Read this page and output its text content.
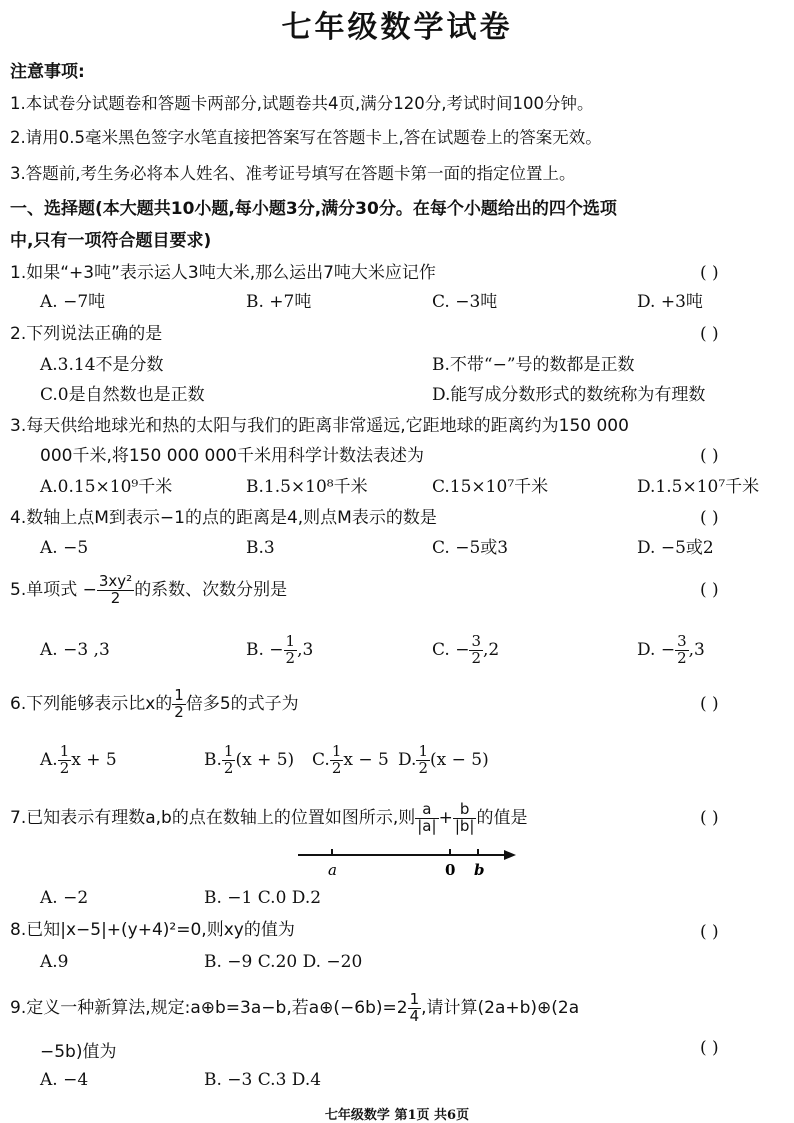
七年级数学试卷
注意事项:
1.本试卷分试题卷和答题卡两部分,试题卷共4页,满分120分,考试时间100分钟。
2.请用0.5毫米黑色签字水笔直接把答案写在答题卡上,答在试题卷上的答案无效。
3.答题前,考生务必将本人姓名、准考证号填写在答题卡第一面的指定位置上。
一、选择题(本大题共10小题,每小题3分,满分30分。在每个小题给出的四个选项
中,只有一项符合题目要求)
1.如果“+3吨”表示运人3吨大米,那么运出7吨大米应记作	( )
A. −7吨	B. +7吨	C. −3吨	D. +3吨
2.下列说法正确的是	( )
A.3.14不是分数	B.不带“−”号的数都是正数
C.0是自然数也是正数	D.能写成分数形式的数统称为有理数
3.每天供给地球光和热的太阳与我们的距离非常遥远,它距地球的距离约为150 000
000千米,将150 000 000千米用科学计数法表述为	( )
A.0.15×10⁹千米	B.1.5×10⁸千米	C.15×10⁷千米	D.1.5×10⁷千米
4.数轴上点M到表示−1的点的距离是4,则点M表示的数是	( )
A. −5	B.3	C. −5或3	D. −5或2
5.单项式 − $\frac{\text{3xy²}}{2}$ 的系数、次数分别是	( )
A. −3 ,3	B. − $\frac{1}{2} ,3$	C. − $\frac{3}{2} ,2$	D. − $\frac{3}{2} ,3$
6.下列能够表示比x的 $\frac{1}{2}$ 倍多5的式子为	( )
A. $\frac{1}{2}$ x + 5	B. $\frac{1}{2} (x + 5)$ C. $\frac{1}{2}$ x − 5 D. $\frac{1}{2} (x - 5)$
7.已知表示有理数a,b的点在数轴上的位置如图所示,则 $\frac{a}{|a|} + \frac{b}{|b|}$ 的值是	( )
a	0 b
A. −2	B. −1 C.0 D.2
8.已知|x−5|+(y+4)²=0,则xy的值为	( )
A.9	B. −9 C.20 D. −20
9.定义一种新算法,规定:a⊕b=3a−b,若a⊕(−6b)=2 $\frac{1}{4}$ ,请计算(2a+b)⊕(2a
−5b)值为	( )
A. −4	B. −3 C.3 D.4
七年级数学 第1页 共6页
